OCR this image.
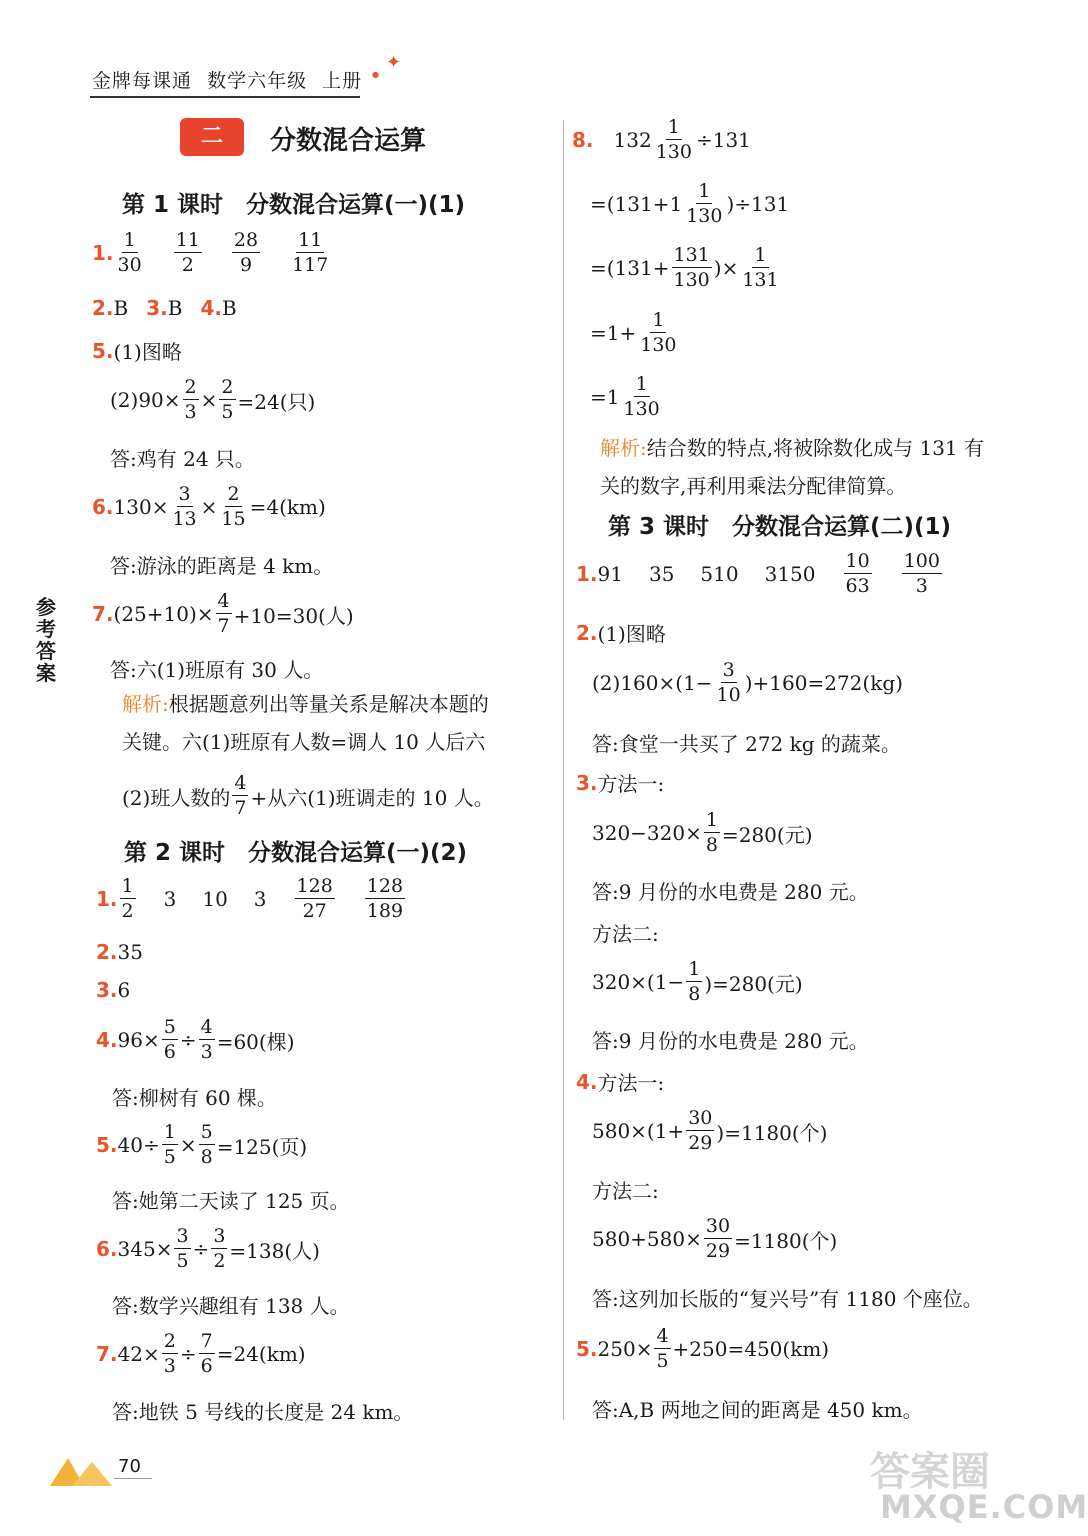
金牌每课通 数学六年级 上册
✦
●
二	分数混合运算
参考答案
第 1 课时　分数混合运算(一)(1)
1. $\frac{1}{30} \frac{11}{2} \frac{28}{9} \frac{11}{117}$
2. B 3. B 4. B
5. (1)图略
$(2)90\times \frac{2}{3} \times \frac{2}{5} =24$(只)
答:鸡有 24 只。
6. $130\times \frac{3}{13} \times \frac{2}{15} =4(km)$
答:游泳的距离是 4 km。
7. $(25+10)\times \frac{4}{7} +10=30$(人)
答:六(1)班原有 30 人。
解析:根据题意列出等量关系是解决本题的
关键。六(1)班原有人数=调人 10 人后六
(2)班人数的 $\frac{4}{7}$ +从六(1)班调走的 10 人。
第 2 课时　分数混合运算(一)(2)
1. $\frac{1}{2} 3$ 10 $3 \frac{128}{27} \frac{128}{189}$
2. 35
3. 6
4. $96\times \frac{5}{6} \div \frac{4}{3} =60$(棵)
答:柳树有 60 棵。
5. $40\div \frac{1}{5} \times \frac{5}{8} =125$(页)
答:她第二天读了 125 页。
6. $345\times \frac{3}{5} \div \frac{3}{2} =138$(人)
答:数学兴趣组有 138 人。
7. $42\times \frac{2}{3} \div \frac{7}{6} =24(km)$
答:地铁 5 号线的长度是 24 km。
70
8. $132 \frac{1}{130} \div 131$
$=(131+1 \frac{1}{130} )\div 131$
$=(131+ \frac{131}{130}$ )× $\frac{1}{131}$
$=1+ \frac{1}{130}$
$=1 \frac{1}{130}$
解析:结合数的特点,将被除数化成与 131 有
关的数字,再利用乘法分配律简算。
第 3 课时　分数混合运算(二)(1)
1. 91 35 510 $3150 \frac{10}{63} \frac{100}{3}$
2. (1)图略
$(2)160\times(1- \frac{3}{10} )+160=272(kg)$
答:食堂一共买了 272 kg 的蔬菜。
3. 方法一:
$320-320\times \frac{1}{8} =280$(元)
答:9 月份的水电费是 280 元。
方法二:
$320\times(1- \frac{1}{8} )=280$(元)
答:9 月份的水电费是 280 元。
4. 方法一:
$580\times(1+ \frac{30}{29} )=1180$(个)
方法二:
$580+580\times \frac{30}{29} =1180$(个)
答:这列加长版的“复兴号”有 1180 个座位。
5. $250\times \frac{4}{5} +250=450(km)$
答:A,B 两地之间的距离是 450 km。
答案圈
MXQE.COM
